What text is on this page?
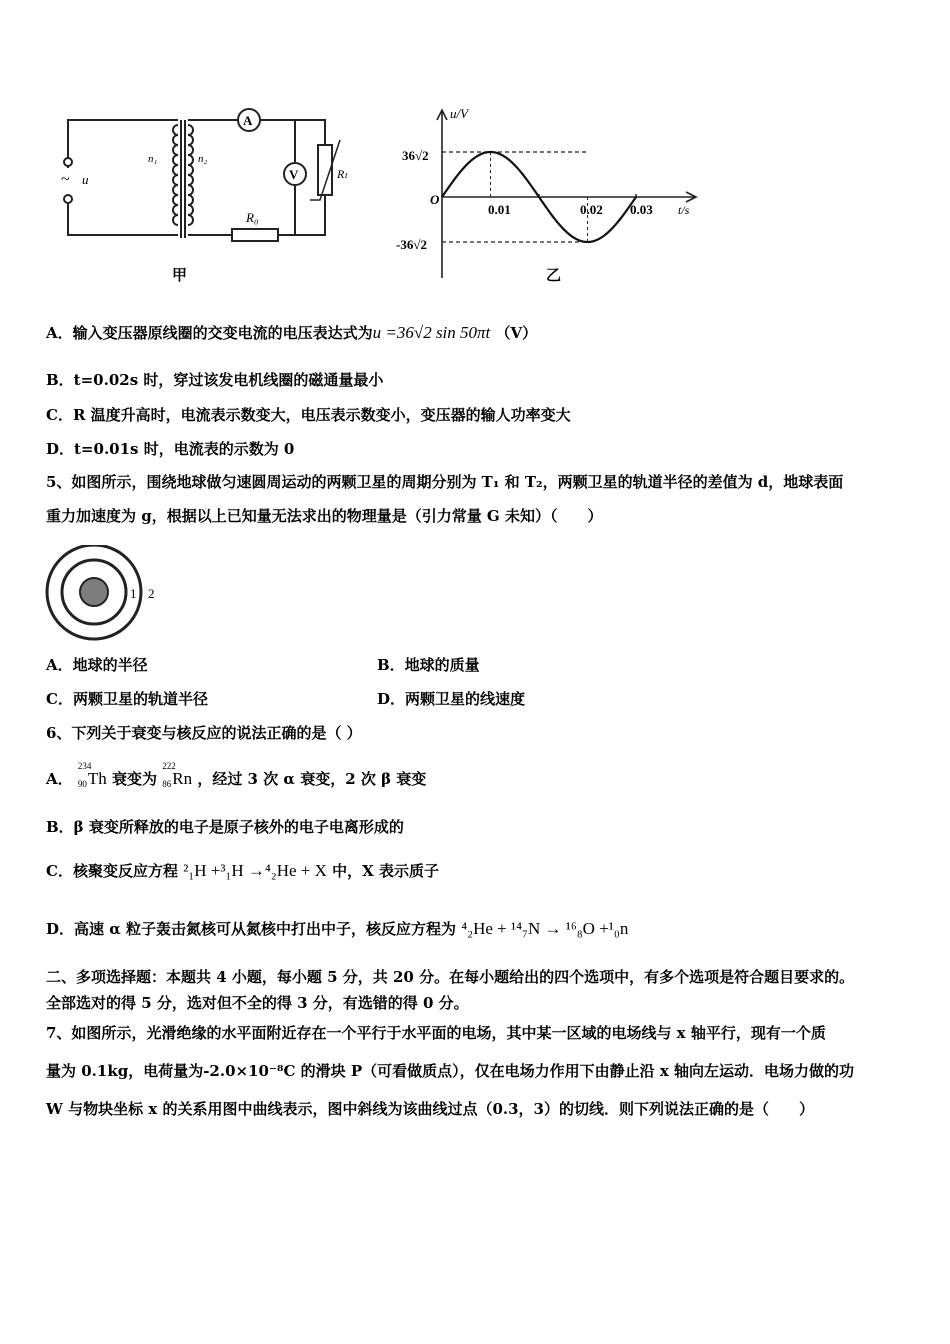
~ u
n₁	n₂
A
V
R₀
Rₜ
甲
u/V
t/s
O
36√2
-36√2
0.01	0.02 0.03
乙
A．输入变压器原线圈的交变电流的电压表达式为u =36√2 sin 50πt （V）
B．t=0.02s 时，穿过该发电机线圈的磁通量最小
C．R 温度升高时，电流表示数变大，电压表示数变小，变压器的输人功率变大
D．t=0.01s 时，电流表的示数为 0
5、如图所示，围绕地球做匀速圆周运动的两颗卫星的周期分别为 T₁ 和 T₂，两颗卫星的轨道半径的差值为 d，地球表面
重力加速度为 g，根据以上已知量无法求出的物理量是（引力常量 G 未知）（　　）
1 2
A．地球的半径	B．地球的质量
C．两颗卫星的轨道半径	D．两颗卫星的线速度
6、下列关于衰变与核反应的说法正确的是（ ）
A．
234
90 Th 衰变为
222
86 Rn ，经过 3 次 α 衰变，2 次 β 衰变
B．β 衰变所释放的电子是原子核外的电子电离形成的
C．核聚变反应方程 ²₁H +³₁H →⁴₂He + X 中，X 表示质子
D．高速 α 粒子轰击氮核可从氮核中打出中子，核反应方程为 ⁴₂He + ¹⁴₇N → ¹⁶₈O +¹₀n
二、多项选择题：本题共 4 小题，每小题 5 分，共 20 分。在每小题给出的四个选项中，有多个选项是符合题目要求的。
全部选对的得 5 分，选对但不全的得 3 分，有选错的得 0 分。
7、如图所示，光滑绝缘的水平面附近存在一个平行于水平面的电场，其中某一区域的电场线与 x 轴平行，现有一个质
量为 0.1kg，电荷量为-2.0×10⁻⁸C 的滑块 P（可看做质点），仅在电场力作用下由静止沿 x 轴向左运动．电场力做的功
W 与物块坐标 x 的关系用图中曲线表示，图中斜线为该曲线过点（0.3，3）的切线．则下列说法正确的是（　　）
